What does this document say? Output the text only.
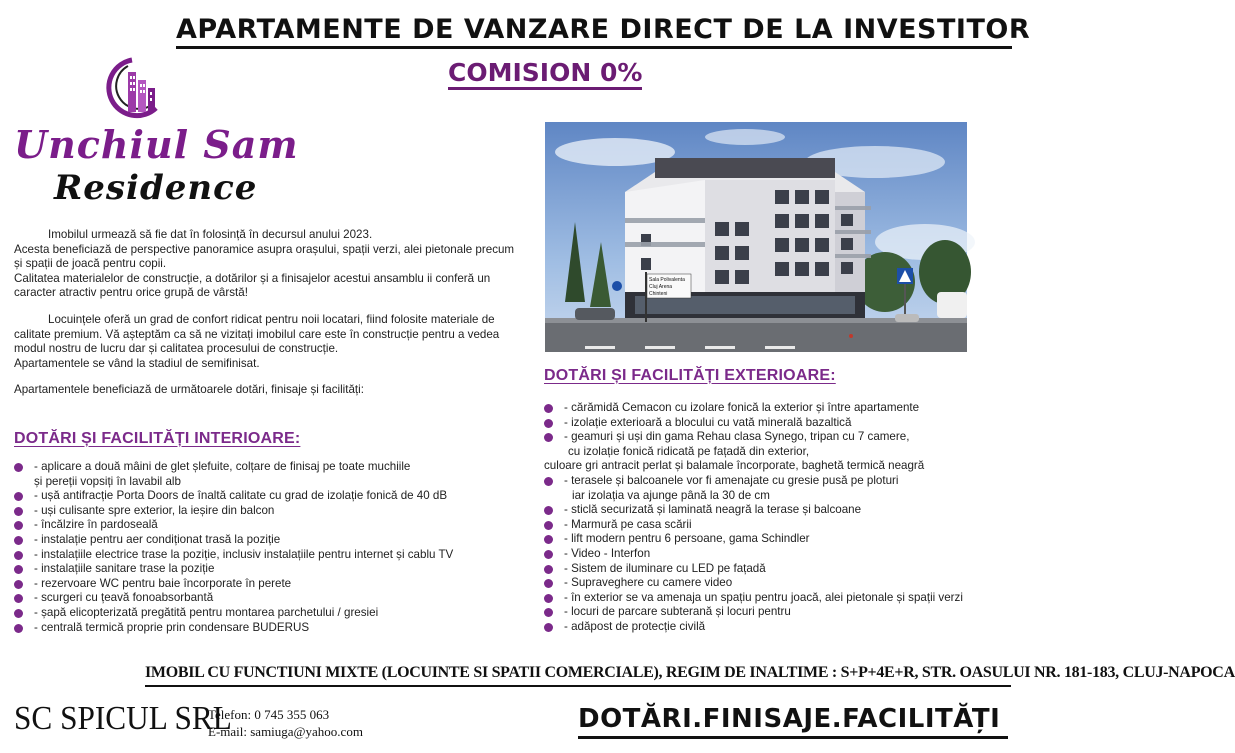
APARTAMENTE DE VANZARE DIRECT DE LA INVESTITOR
COMISION 0%
Unchiul Sam
Residence

Imobilul urmează să fie dat în folosință în decursul anului 2023.

Acesta beneficiază de perspective panoramice asupra orașului, spații verzi, alei pietonale precum și spații de joacă pentru copii.

Calitatea materialelor de construcție, a dotărilor și a finisajelor acestui ansamblu ii conferă un caracter atractiv pentru orice grupă de vârstă!

Locuințele oferă un grad de confort ridicat pentru noii locatari, fiind folosite materiale de calitate premium. Vă așteptăm ca să ne vizitați imobilul care este în construcție pentru a vedea modul nostru de lucru dar și calitatea procesului de construcție.

Apartamentele se vând la stadiul de semifinisat.

Apartamentele beneficiază de următoarele dotări, finisaje și facilități:

DOTĂRI ȘI FACILITĂȚI INTERIOARE:
- aplicare a două mâini de glet șlefuite, colțare de finisaj pe toate muchiile
și pereții vopsiți în lavabil alb
- ușă antifracție Porta Doors de înaltă calitate cu grad de izolație fonică de 40 dB
- uși culisante spre exterior, la ieșire din balcon
- încălzire în pardoseală
- instalație pentru aer condiționat trasă la poziție
- instalațiile electrice trase la poziție, inclusiv instalațiile pentru internet și cablu TV
- instalațiile sanitare trase la poziție
- rezervoare WC pentru baie încorporate în perete
- scurgeri cu țeavă fonoabsorbantă
- șapă elicopterizată pregătită pentru montarea parchetului / gresiei
- centrală termică proprie prin condensare BUDERUS
Sala Polivalenta
Cluj Arena
Chinteni
DOTĂRI ȘI FACILITĂȚI EXTERIOARE:
- cărămidă Cemacon cu izolare fonică la exterior și între apartamente
- izolație exterioară a blocului cu vată minerală bazaltică
- geamuri și uși din gama Rehau clasa Synego, tripan cu 7 camere,
cu izolație fonică ridicată pe fațadă din exterior,
culoare gri antracit perlat și balamale încorporate, baghetă termică neagră
- terasele și balcoanele vor fi amenajate cu gresie pusă pe ploturi
iar izolația va ajunge până la 30 de cm
- sticlă securizată și laminată neagră la terase și balcoane
- Marmură pe casa scării
- lift modern pentru 6 persoane, gama Schindler
- Video - Interfon
- Sistem de iluminare cu LED pe fațadă
- Supraveghere cu camere video
- în exterior se va amenaja un spațiu pentru joacă, alei pietonale și spații verzi
- locuri de parcare subterană și locuri pentru
- adăpost de protecție civilă
IMOBIL CU FUNCTIUNI MIXTE (LOCUINTE SI SPATII COMERCIALE), REGIM DE INALTIME : S+P+4E+R, STR. OASULUI NR. 181-183, CLUJ-NAPOCA
SC SPICUL SRL
Telefon: 0 745 355 063
E-mail: samiuga@yahoo.com	DOTĂRI.FINISAJE.FACILITĂȚI
